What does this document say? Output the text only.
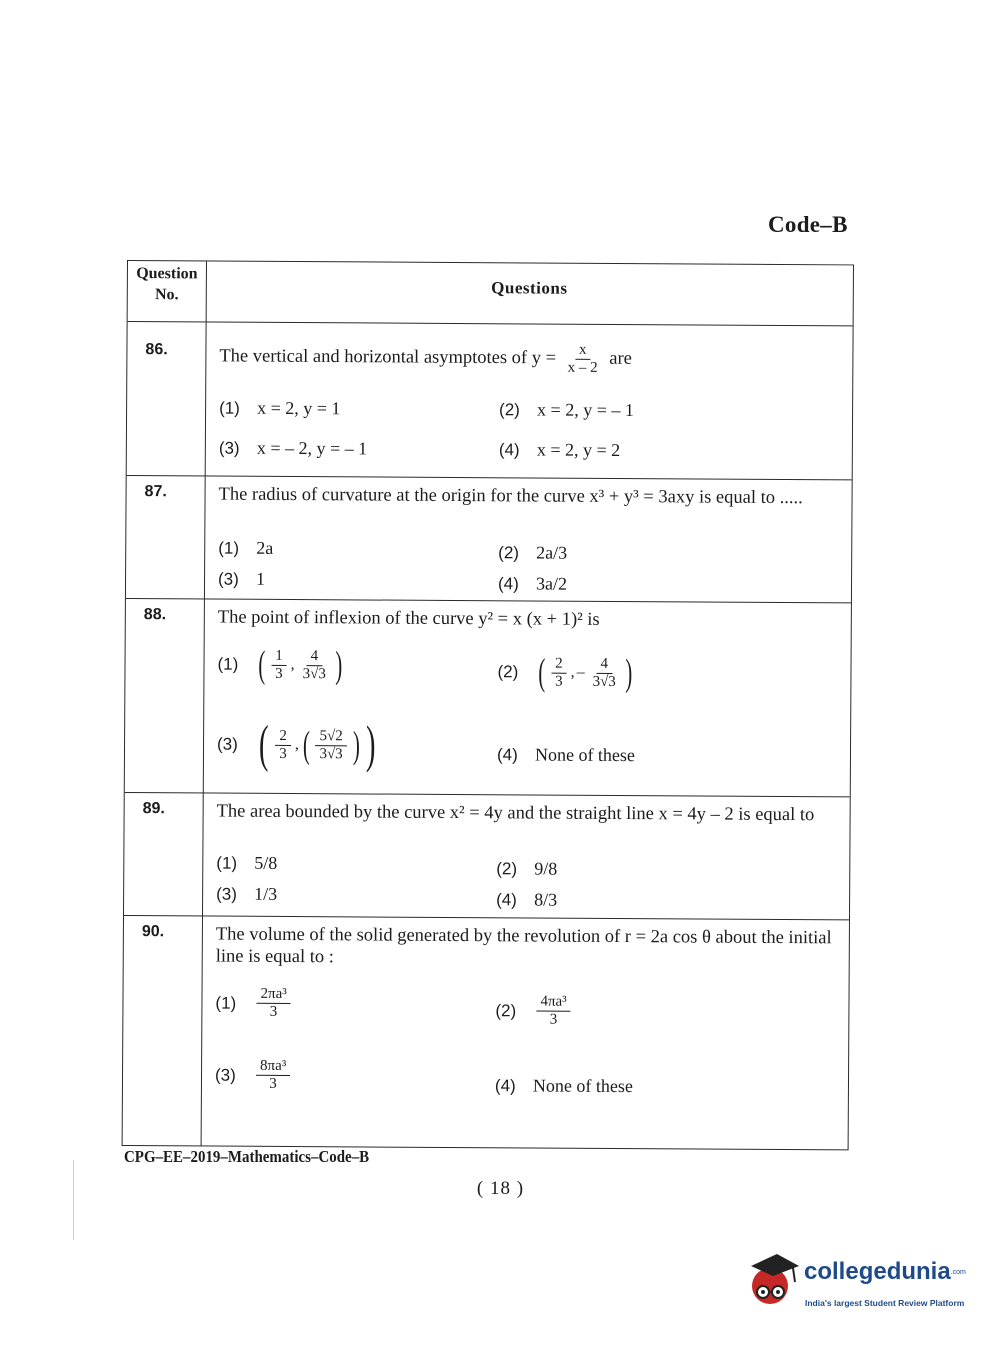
Code–B
Question No.	Questions
86.	The vertical and horizontal asymptotes of $y = \frac{x}{x - 2}$ are
(1) x = 2, y = 1	(2) x = 2, y = – 1
(3) x = – 2, y = – 1	(4) x = 2, y = 2
87.	The radius of curvature at the origin for the curve x³ + y³ = 3axy is equal to .....
(1) 2a	(2) 2a/3
(3) 1	(4) 3a/2
88.	The point of inflexion of the curve y² = x (x + 1)² is
(1) ( $\frac{1}{3}$ , $\frac{4}{3√3}$ )	(2) ( $\frac{2}{3}$ , – $\frac{4}{3√3}$ )
(3) ( $\frac{2}{3}$ , ( $\frac{5√2}{3√3}$ ) )	(4) None of these
89.	The area bounded by the curve x² = 4y and the straight line x = 4y – 2 is equal to
(1) 5/8	(2) 9/8
(3) 1/3	(4) 8/3
90.	The volume of the solid generated by the revolution of r = 2a cos θ about the initial line is equal to :
(1)	$\frac{\text{2πa³}}{3}$	(2)	$\frac{\text{4πa³}}{3}$
(3)	$\frac{\text{8πa³}}{3}$	(4) None of these
CPG–EE–2019–Mathematics–Code–B
( 18 )
collegedunia.com
India's largest Student Review Platform
